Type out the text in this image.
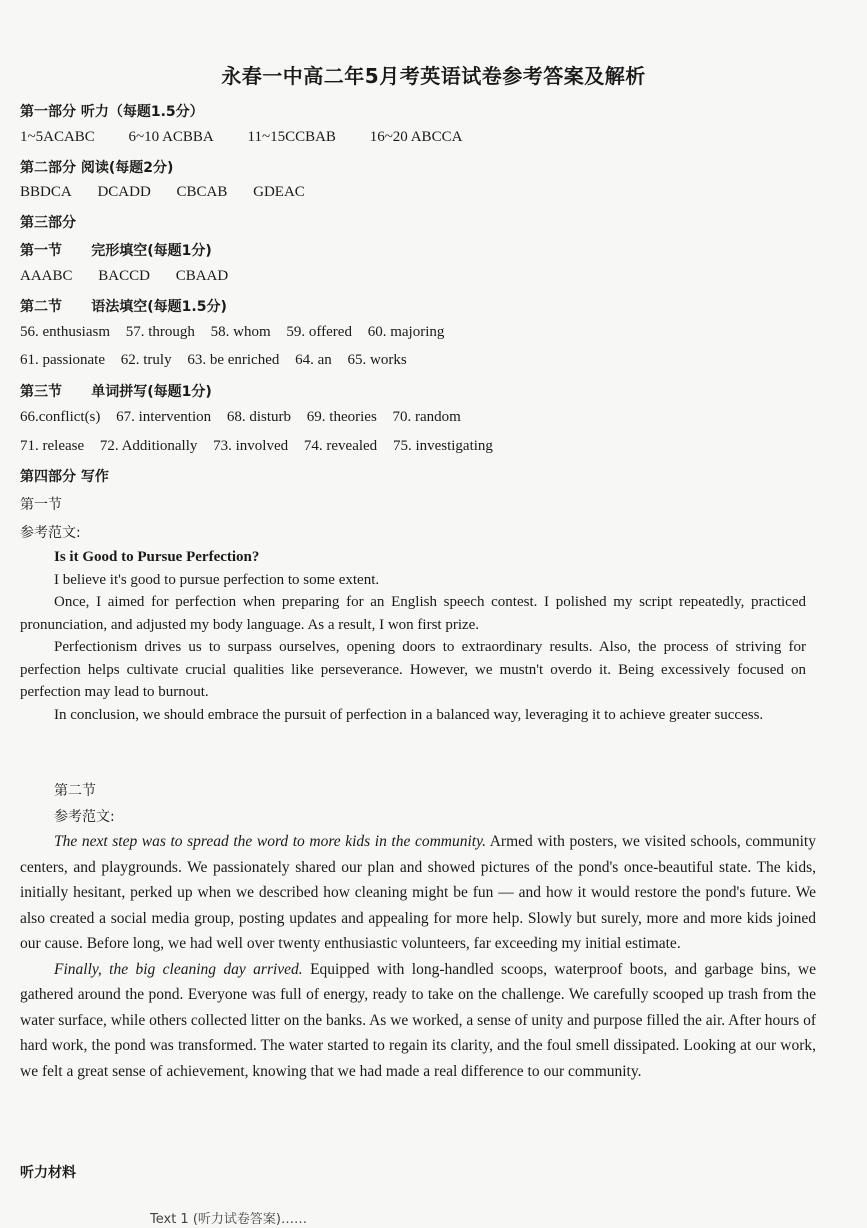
永春一中高二年5月考英语试卷参考答案及解析
第一部分 听力（每题1.5分）
1~5ACABC 6~10 ACBBA 11~15CCBAB 16~20 ABCCA
第二部分 阅读(每题2分)
BBDCA DCADD CBCAB GDEAC
第三部分
第一节      完形填空(每题1分)
AAABC BACCD CBAAD
第二节      语法填空(每题1.5分)
56. enthusiasm 57. through 58. whom 59. offered 60. majoring
61. passionate 62. truly 63. be enriched 64. an 65. works
第三节      单词拼写(每题1分)
66.conflict(s) 67. intervention 68. disturb 69. theories 70. random
71. release 72. Additionally 73. involved 74. revealed 75. investigating
第四部分 写作
第一节
参考范文:
Is it Good to Pursue Perfection?

I believe it's good to pursue perfection to some extent.

Once, I aimed for perfection when preparing for an English speech contest. I polished my script repeatedly, practiced pronunciation, and adjusted my body language. As a result, I won first prize.

Perfectionism drives us to surpass ourselves, opening doors to extraordinary results. Also, the process of striving for perfection helps cultivate crucial qualities like perseverance. However, we mustn't overdo it. Being excessively focused on perfection may lead to burnout.

In conclusion, we should embrace the pursuit of perfection in a balanced way, leveraging it to achieve greater success.

第二节
参考范文:

The next step was to spread the word to more kids in the community. Armed with posters, we visited schools, community centers, and playgrounds. We passionately shared our plan and showed pictures of the pond's once-beautiful state. The kids, initially hesitant, perked up when we described how cleaning might be fun — and how it would restore the pond's future. We also created a social media group, posting updates and appealing for more help. Slowly but surely, more and more kids joined our cause. Before long, we had well over twenty enthusiastic volunteers, far exceeding my initial estimate.

Finally, the big cleaning day arrived. Equipped with long-handled scoops, waterproof boots, and garbage bins, we gathered around the pond. Everyone was full of energy, ready to take on the challenge. We carefully scooped up trash from the water surface, while others collected litter on the banks. As we worked, a sense of unity and purpose filled the air. After hours of hard work, the pond was transformed. The water started to regain its clarity, and the foul smell dissipated. Looking at our work, we felt a great sense of achievement, knowing that we had made a real difference to our community.

听力材料
Text 1 (听力试卷答案)……
